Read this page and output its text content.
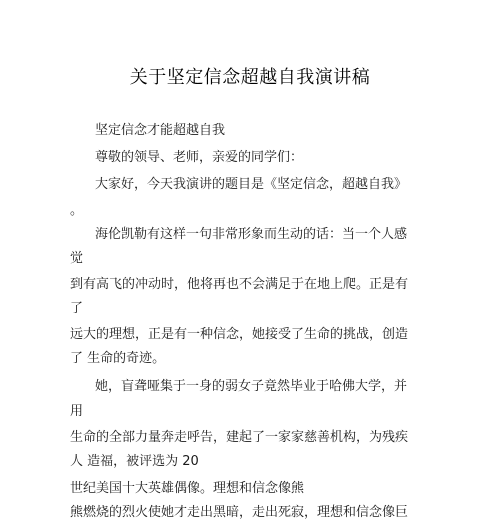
关于坚定信念超越自我演讲稿
坚定信念才能超越自我
尊敬的领导、老师，亲爱的同学们：
大家好，今天我演讲的题目是《坚定信念，超越自我》
。
海伦凯勒有这样一句非常形象而生动的话：当一个人感
觉
到有高飞的冲动时，他将再也不会满足于在地上爬。正是有
了
远大的理想，正是有一种信念，她接受了生命的挑战，创造
了 生命的奇迹。
她，盲聋哑集于一身的弱女子竟然毕业于哈佛大学，并
用
生命的全部力量奔走呼告，建起了一家家慈善机构，为残疾
人 造福，被评选为 20
世纪美国十大英雄偶像。理想和信念像熊
熊燃烧的烈火使她才走出黑暗，走出死寂，理想和信念像巨
